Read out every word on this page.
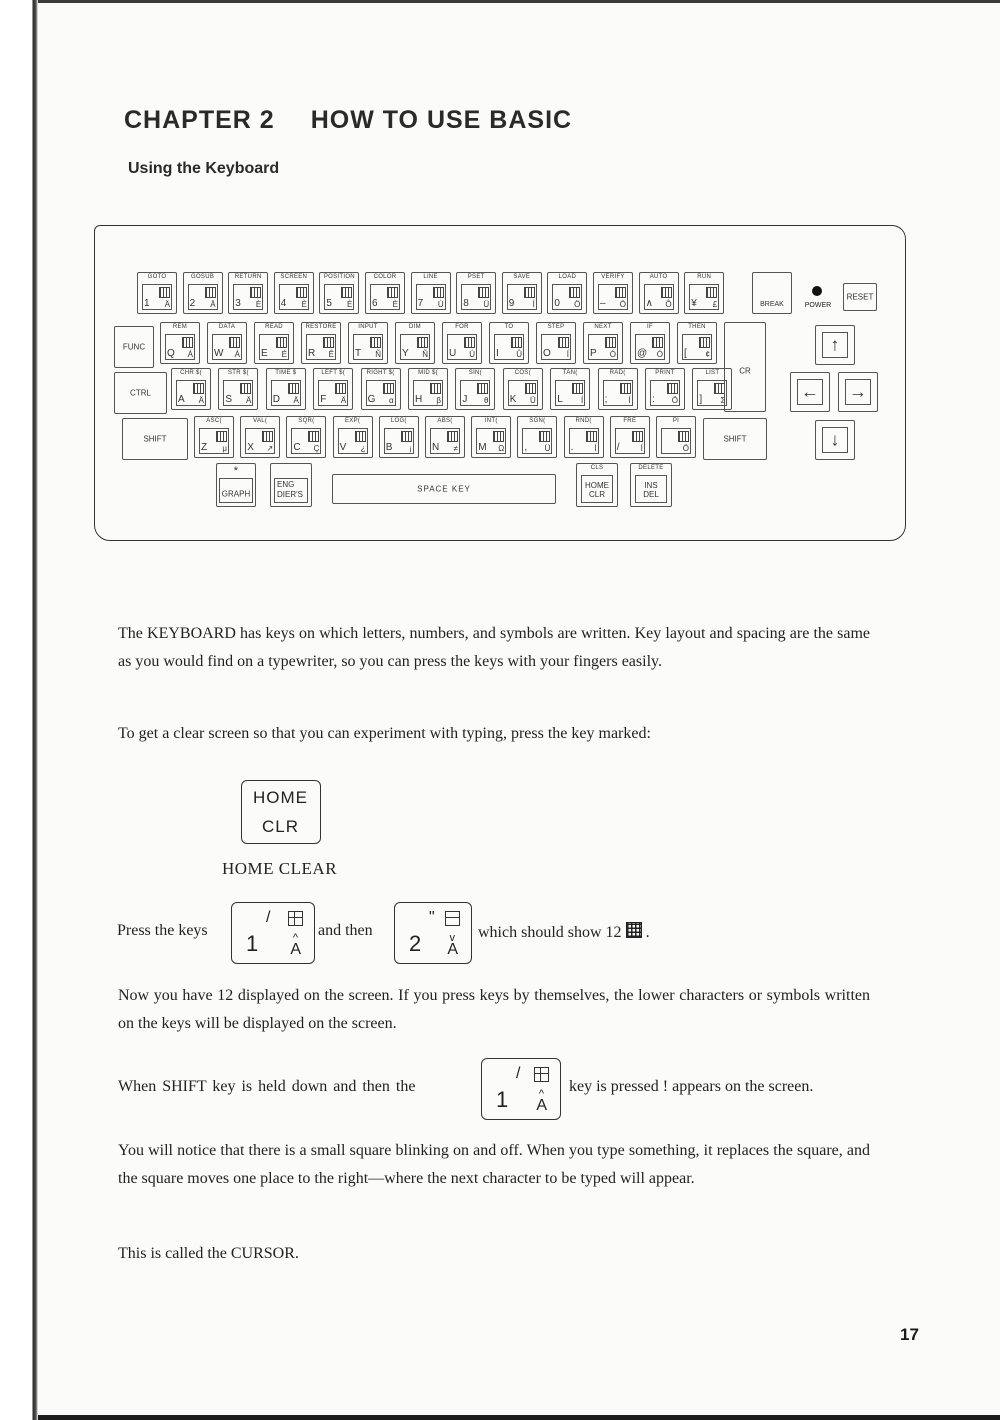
CHAPTER 2 HOW TO USE BASIC
Using the Keyboard
GOTO
1 Ä
GOSUB
2 Ä
RETURN
3 È
SCREEN
4 È
POSITION
5 È
COLOR
6 È
LINE
7 Ù
PSET
8 Ü
SAVE
9 Ì
LOAD
0 Ö
VERIFY
– Ö
AUTO
∧ Ô
RUN
¥ £
REM
Q Á
DATA
W Á
READ
E É
RESTORE
R Ê
INPUT
T Ñ
DIM
Y Ñ
FOR
U Ú
TO
I Û
STEP
O Í
NEXT
P Ó
IF
@ Ó
THEN
[ ¢
CHR $(
A Ä
STR $(
S Ä
TIME $
D Ä
LEFT $(
F Ä
RIGHT $(
G α
MID $(
H β
SIN(
J θ
COS(
K Ü
TAN(
L Í
RAD(
;	Í
PRINT
: Ö
LIST
] Σ
ASC(
Z μ
VAL(
X ↗
SQR(
C Ç
EXP(
V ¿
LOG(
B ¡
ABS(
N ≠
INT(
M Ω
SGN(
, Ü
RND(
.	Í
FRE
/	Í
PI
Ö
FUNC
CTRL
SHIFT	SHIFT
CR
BREAK	POWER
RESET
↑
←	→
↓
*
GRAPH
ENG
DIER'S
SPACE KEY
CLS
HOME
CLR
DELETE
INS
DEL
The KEYBOARD has keys on which letters, numbers, and symbols are written. Key layout and spacing are the same as you would find on a typewriter, so you can press the keys with your fingers easily.
To get a clear screen so that you can experiment with typing, press the key marked:
HOME
CLR
HOME CLEAR
Press the keys
1
/
^
A
and then
2
"
v
A
which should show 12 .
Now you have 12 displayed on the screen. If you press keys by themselves, the lower characters or symbols written on the keys will be displayed on the screen.
When SHIFT key is held down and then the
1
/
^
A
key is pressed ! appears on the screen.
You will notice that there is a small square blinking on and off. When you type something, it replaces the square, and the square moves one place to the right—where the next character to be typed will appear.
This is called the CURSOR.
17
